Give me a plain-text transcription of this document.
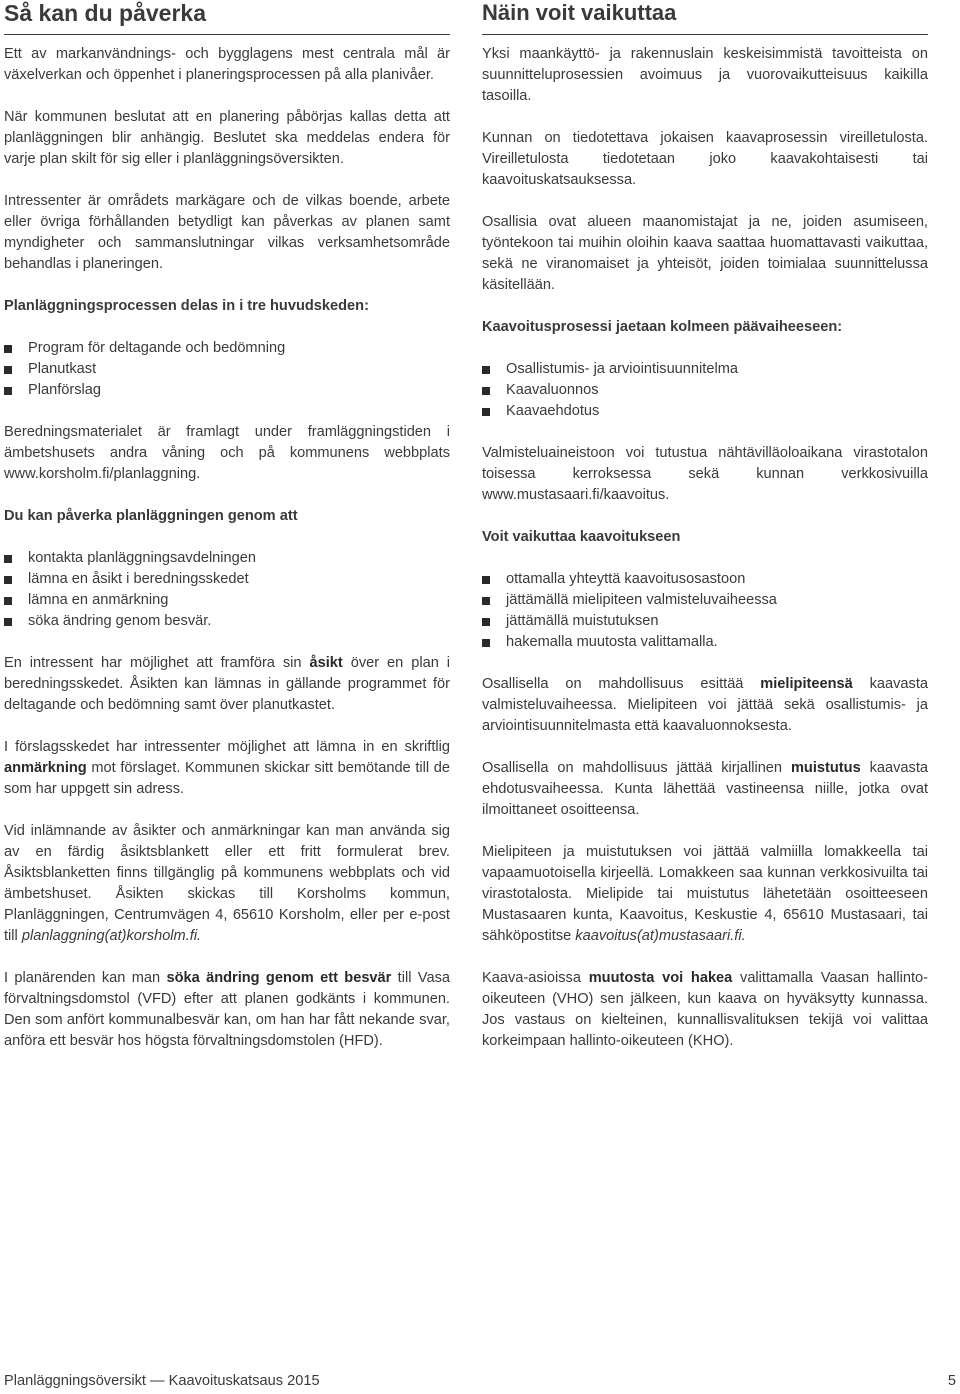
Så kan du påverka

Ett av markanvändnings- och bygglagens mest centrala mål är växelverkan och öppenhet i planeringsprocessen på alla planivåer.

När kommunen beslutat att en planering påbörjas kallas detta att planläggningen blir anhängig. Beslutet ska meddelas endera för varje plan skilt för sig eller i planläggningsöversikten.

Intressenter är områdets markägare och de vilkas boende, arbete eller övriga förhållanden betydligt kan påverkas av planen samt myndigheter och sammanslutningar vilkas verksamhetsområde behandlas i planeringen.

Planläggningsprocessen delas in i tre huvudskeden:

Program för deltagande och bedömning
Planutkast
Planförslag

Beredningsmaterialet är framlagt under framläggningstiden i ämbetshusets andra våning och på kommunens webbplats www.korsholm.fi/planlaggning.

Du kan påverka planläggningen genom att

kontakta planläggningsavdelningen
lämna en åsikt i beredningsskedet
lämna en anmärkning
söka ändring genom besvär.

En intressent har möjlighet att framföra sin åsikt över en plan i beredningsskedet. Åsikten kan lämnas in gällande programmet för deltagande och bedömning samt över planutkastet.

I förslagsskedet har intressenter möjlighet att lämna in en skriftlig anmärkning mot förslaget. Kommunen skickar sitt bemötande till de som har uppgett sin adress.

Vid inlämnande av åsikter och anmärkningar kan man använda sig av en färdig åsiktsblankett eller ett fritt formulerat brev. Åsiktsblanketten finns tillgänglig på kommunens webbplats och vid ämbetshuset. Åsikten skickas till Korsholms kommun, Planläggningen, Centrumvägen 4, 65610 Korsholm, eller per e-post till planlaggning(at)korsholm.fi.

I planärenden kan man söka ändring genom ett besvär till Vasa förvaltningsdomstol (VFD) efter att planen godkänts i kommunen. Den som anfört kommunalbesvär kan, om han har fått nekande svar, anföra ett besvär hos högsta förvaltningsdomstolen (HFD).

Näin voit vaikuttaa

Yksi maankäyttö- ja rakennuslain keskeisimmistä tavoitteista on suunnitteluprosessien avoimuus ja vuorovaikutteisuus kaikilla tasoilla.

Kunnan on tiedotettava jokaisen kaavaprosessin vireilletulosta. Vireilletulosta tiedotetaan joko kaavakohtaisesti tai kaavoituskatsauksessa.

Osallisia ovat alueen maanomistajat ja ne, joiden asumiseen, työntekoon tai muihin oloihin kaava saattaa huomattavasti vaikuttaa, sekä ne viranomaiset ja yhteisöt, joiden toimialaa suunnittelussa käsitellään.

Kaavoitusprosessi jaetaan kolmeen päävaiheeseen:

Osallistumis- ja arviointisuunnitelma
Kaavaluonnos
Kaavaehdotus

Valmisteluaineistoon voi tutustua nähtävilläoloaikana virastotalon toisessa kerroksessa sekä kunnan verkkosivuilla www.mustasaari.fi/kaavoitus.

Voit vaikuttaa kaavoitukseen

ottamalla yhteyttä kaavoitusosastoon
jättämällä mielipiteen valmisteluvaiheessa
jättämällä muistutuksen
hakemalla muutosta valittamalla.

Osallisella on mahdollisuus esittää mielipiteensä kaavasta valmisteluvaiheessa. Mielipiteen voi jättää sekä osallistumis- ja arviointisuunnitelmasta että kaavaluonnoksesta.

Osallisella on mahdollisuus jättää kirjallinen muistutus kaavasta ehdotusvaiheessa. Kunta lähettää vastineensa niille, jotka ovat ilmoittaneet osoitteensa.

Mielipiteen ja muistutuksen voi jättää valmiilla lomakkeella tai vapaamuotoisella kirjeellä. Lomakkeen saa kunnan verkkosivuilta tai virastotalosta. Mielipide tai muistutus lähetetään osoitteeseen Mustasaaren kunta, Kaavoitus, Keskustie 4, 65610 Mustasaari, tai sähköpostitse kaavoitus(at)mustasaari.fi.

Kaava-asioissa muutosta voi hakea valittamalla Vaasan hallinto-oikeuteen (VHO) sen jälkeen, kun kaava on hyväksytty kunnassa. Jos vastaus on kielteinen, kunnallisvalituksen tekijä voi valittaa korkeimpaan hallinto-oikeuteen (KHO).

Planläggningsöversikt — Kaavoituskatsaus 2015	5
